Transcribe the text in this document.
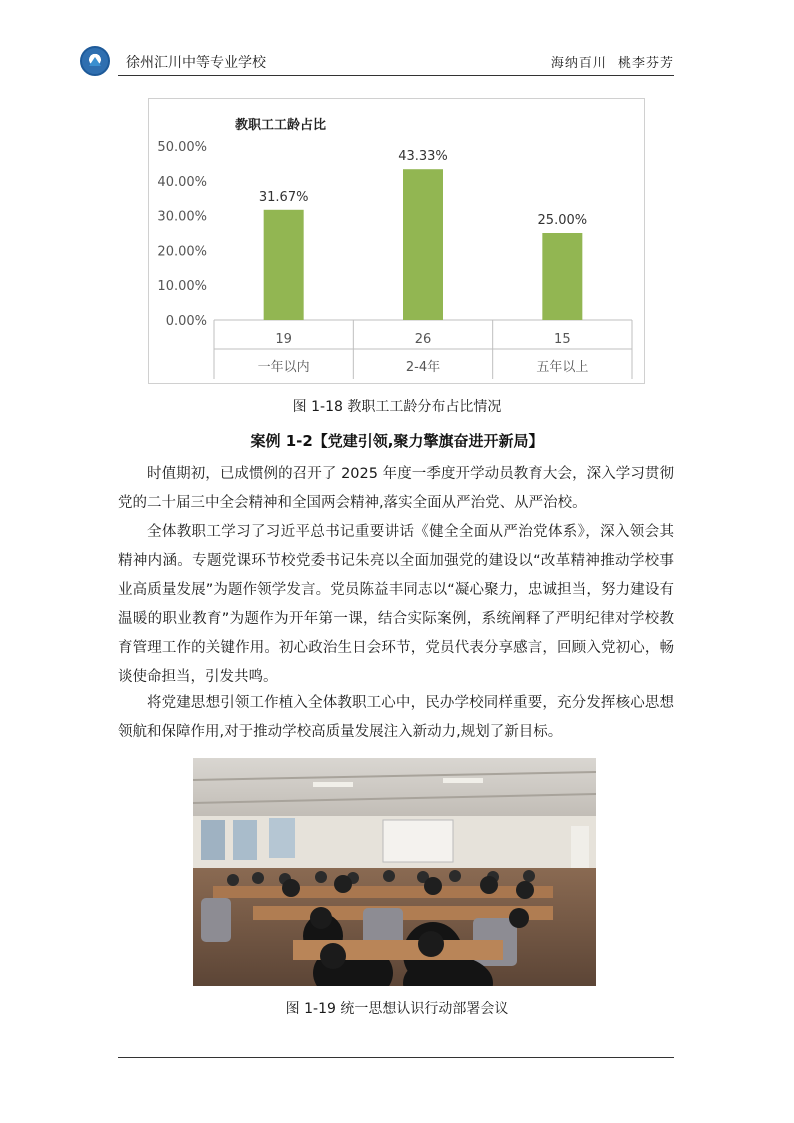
徐州汇川中等专业学校	海纳百川 桃李芬芳
教职工工龄占比
0.00%
10.00%
20.00%
30.00%
40.00%
50.00%
31.67%
19
一年以内
43.33%
26
2-4年
25.00%
15
五年以上
图 1-18 教职工工龄分布占比情况
案例 1-2【党建引领,聚力擎旗奋进开新局】
时值期初，已成惯例的召开了 2025 年度一季度开学动员教育大会，深入学习贯彻党的二十届三中全会精神和全国两会精神,落实全面从严治党、从严治校。
全体教职工学习了习近平总书记重要讲话《健全全面从严治党体系》，深入领会其精神内涵。专题党课环节校党委书记朱亮以全面加强党的建设以“改革精神推动学校事业高质量发展”为题作领学发言。党员陈益丰同志以“凝心聚力，忠诚担当，努力建设有温暖的职业教育”为题作为开年第一课，结合实际案例，系统阐释了严明纪律对学校教育管理工作的关键作用。初心政治生日会环节，党员代表分享感言，回顾入党初心，畅谈使命担当，引发共鸣。
将党建思想引领工作植入全体教职工心中，民办学校同样重要，充分发挥核心思想领航和保障作用,对于推动学校高质量发展注入新动力,规划了新目标。
图 1-19 统一思想认识行动部署会议
